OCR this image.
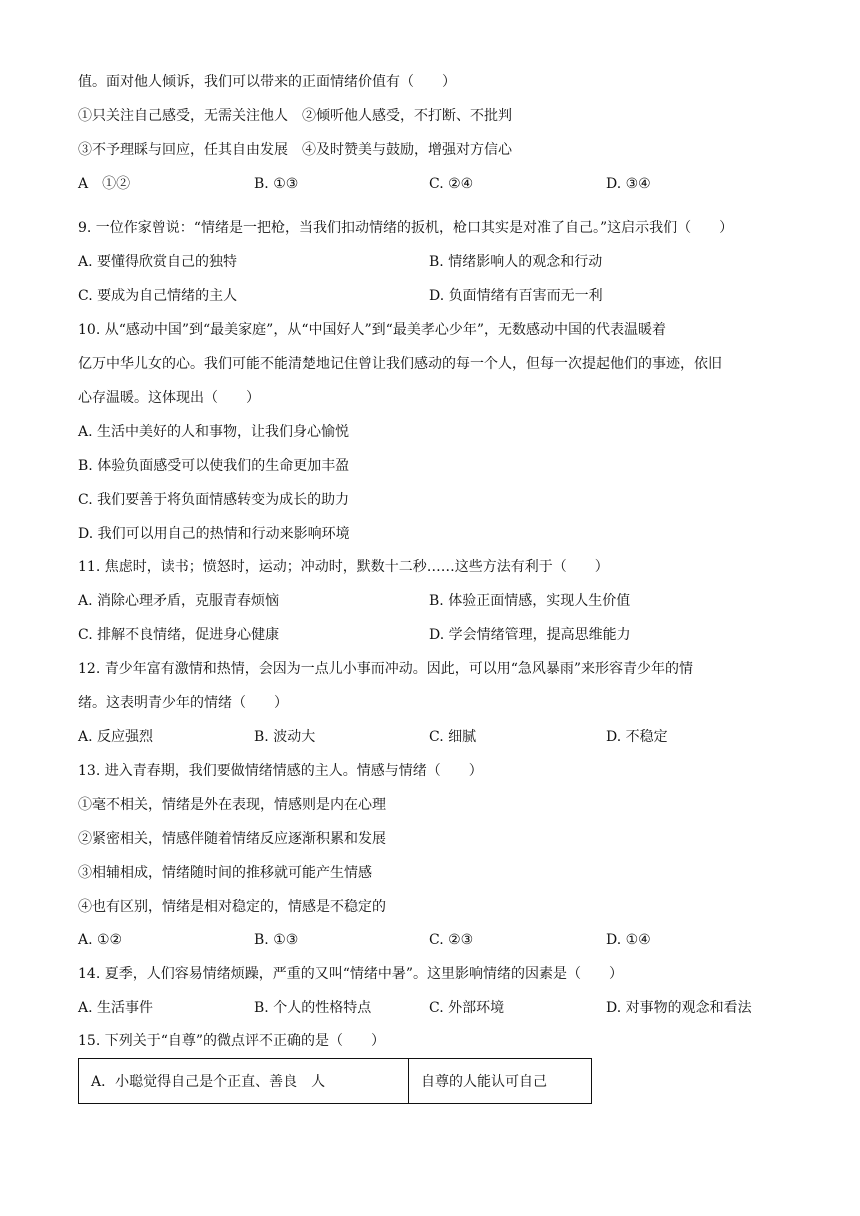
值。面对他人倾诉，我们可以带来的正面情绪价值有（　　）
①只关注自己感受，无需关注他人　②倾听他人感受，不打断、不批判
③不予理睬与回应，任其自由发展　④及时赞美与鼓励，增强对方信心
A　①②	B. ①③	C. ②④	D. ③④
9. 一位作家曾说：“情绪是一把枪，当我们扣动情绪的扳机，枪口其实是对准了自己。”这启示我们（　　）
A. 要懂得欣赏自己的独特	B. 情绪影响人的观念和行动
C. 要成为自己情绪的主人	D. 负面情绪有百害而无一利
10. 从“感动中国”到“最美家庭”，从“中国好人”到“最美孝心少年”，无数感动中国的代表温暖着
亿万中华儿女的心。我们可能不能清楚地记住曾让我们感动的每一个人，但每一次提起他们的事迹，依旧
心存温暖。这体现出（　　）
A. 生活中美好的人和事物，让我们身心愉悦
B. 体验负面感受可以使我们的生命更加丰盈
C. 我们要善于将负面情感转变为成长的助力
D. 我们可以用自己的热情和行动来影响环境
11. 焦虑时，读书；愤怒时，运动；冲动时，默数十二秒……这些方法有利于（　　）
A. 消除心理矛盾，克服青春烦恼	B. 体验正面情感，实现人生价值
C. 排解不良情绪，促进身心健康	D. 学会情绪管理，提高思维能力
12. 青少年富有激情和热情，会因为一点儿小事而冲动。因此，可以用“急风暴雨”来形容青少年的情
绪。这表明青少年的情绪（　　）
A. 反应强烈	B. 波动大	C. 细腻	D. 不稳定
13. 进入青春期，我们要做情绪情感的主人。情感与情绪（　　）
①毫不相关，情绪是外在表现，情感则是内在心理
②紧密相关，情感伴随着情绪反应逐渐积累和发展
③相辅相成，情绪随时间的推移就可能产生情感
④也有区别，情绪是相对稳定的，情感是不稳定的
A. ①②	B. ①③	C. ②③	D. ①④
14. 夏季，人们容易情绪烦躁，严重的又叫“情绪中暑”。这里影响情绪的因素是（　　）
A. 生活事件	B. 个人的性格特点	C. 外部环境	D. 对事物的观念和看法
15. 下列关于“自尊”的微点评不正确的是（　　）
A．小聪觉得自己是个正直、善良　人	自尊的人能认可自己
